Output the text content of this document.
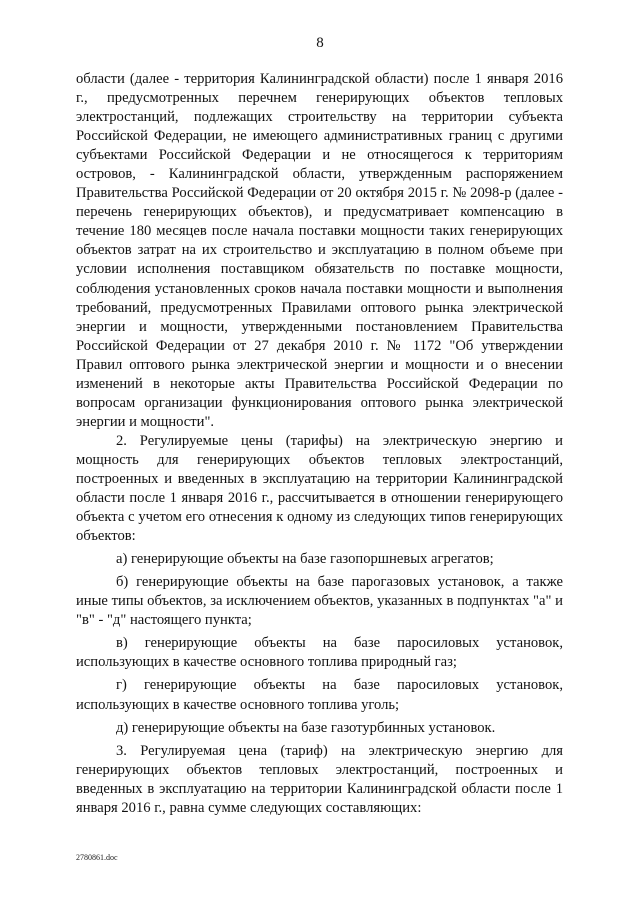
8

области (далее - территория Калининградской области) после 1 января 2016 г., предусмотренных перечнем генерирующих объектов тепловых электростанций, подлежащих строительству на территории субъекта Российской Федерации, не имеющего административных границ с другими субъектами Российской Федерации и не относящегося к территориям островов, - Калининградской области, утвержденным распоряжением Правительства Российской Федерации от 20 октября 2015 г. № 2098-р (далее - перечень генерирующих объектов), и предусматривает компенсацию в течение 180 месяцев после начала поставки мощности таких генерирующих объектов затрат на их строительство и эксплуатацию в полном объеме при условии исполнения поставщиком обязательств по поставке мощности, соблюдения установленных сроков начала поставки мощности и выполнения требований, предусмотренных Правилами оптового рынка электрической энергии и мощности, утвержденными постановлением Правительства Российской Федерации от 27 декабря 2010 г. № 1172 "Об утверждении Правил оптового рынка электрической энергии и мощности и о внесении изменений в некоторые акты Правительства Российской Федерации по вопросам организации функционирования оптового рынка электрической энергии и мощности".

2. Регулируемые цены (тарифы) на электрическую энергию и мощность для генерирующих объектов тепловых электростанций, построенных и введенных в эксплуатацию на территории Калининградской области после 1 января 2016 г., рассчитывается в отношении генерирующего объекта с учетом его отнесения к одному из следующих типов генерирующих объектов:

а) генерирующие объекты на базе газопоршневых агрегатов;

б) генерирующие объекты на базе парогазовых установок, а также иные типы объектов, за исключением объектов, указанных в подпунктах "а" и "в" - "д" настоящего пункта;

в) генерирующие объекты на базе паросиловых установок, использующих в качестве основного топлива природный газ;

г) генерирующие объекты на базе паросиловых установок, использующих в качестве основного топлива уголь;

д) генерирующие объекты на базе газотурбинных установок.

3. Регулируемая цена (тариф) на электрическую энергию для генерирующих объектов тепловых электростанций, построенных и введенных в эксплуатацию на территории Калининградской области после 1 января 2016 г., равна сумме следующих составляющих:

2780861.doc
